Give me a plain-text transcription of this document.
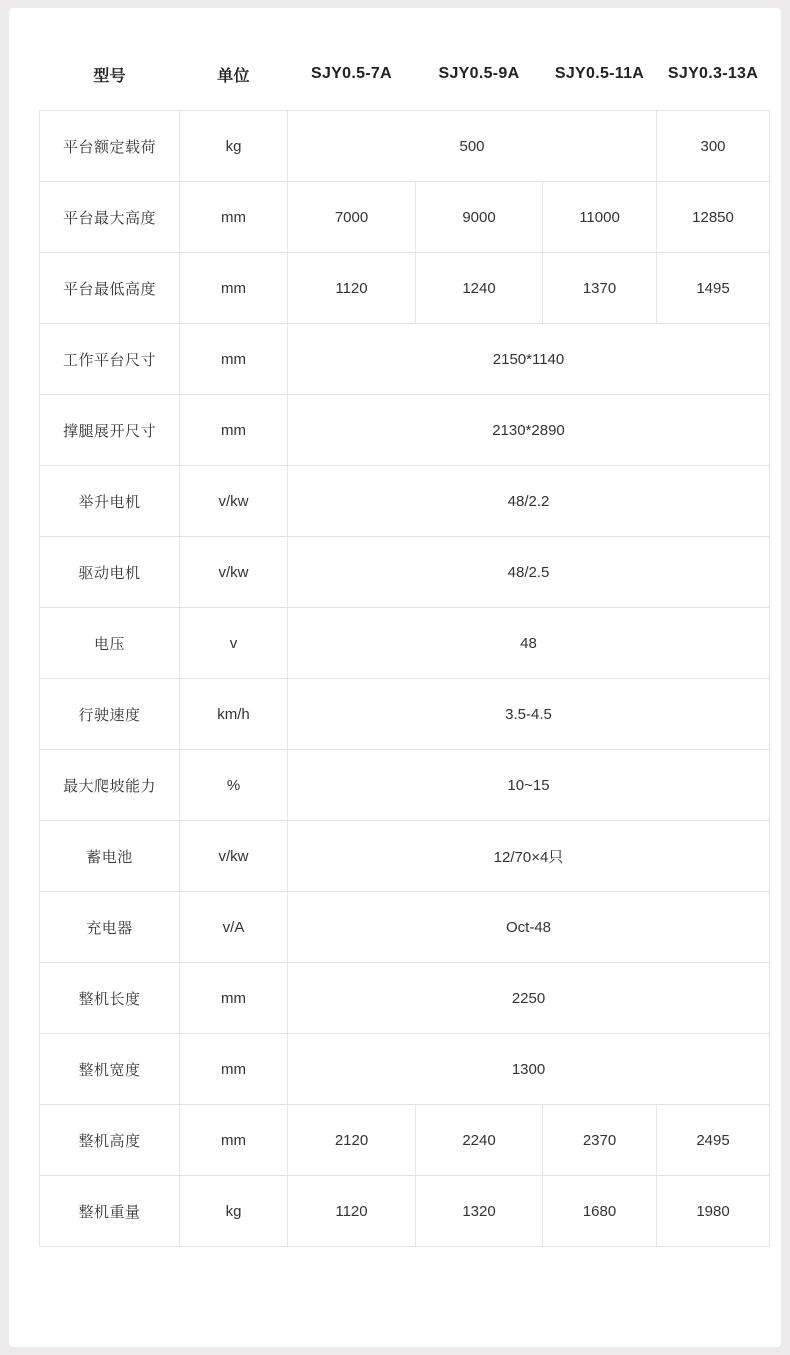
型号	单位	SJY0.5-7A	SJY0.5-9A	SJY0.5-11A	SJY0.3-13A
平台额定载荷	kg	500			300
平台最大高度	mm	7000	9000	11000	12850
平台最低高度	mm	1120	1240	1370	1495
工作平台尺寸	mm	2150*1140			
撑腿展开尺寸	mm	2130*2890			
举升电机	v/kw	48/2.2			
驱动电机	v/kw	48/2.5			
电压	v	48			
行驶速度	km/h	3.5-4.5			
最大爬坡能力	%	10~15			
蓄电池	v/kw	12/70×4只			
充电器	v/A	Oct-48			
整机长度	mm	2250			
整机宽度	mm	1300			
整机高度	mm	2120	2240	2370	2495
整机重量	kg	1120	1320	1680	1980
